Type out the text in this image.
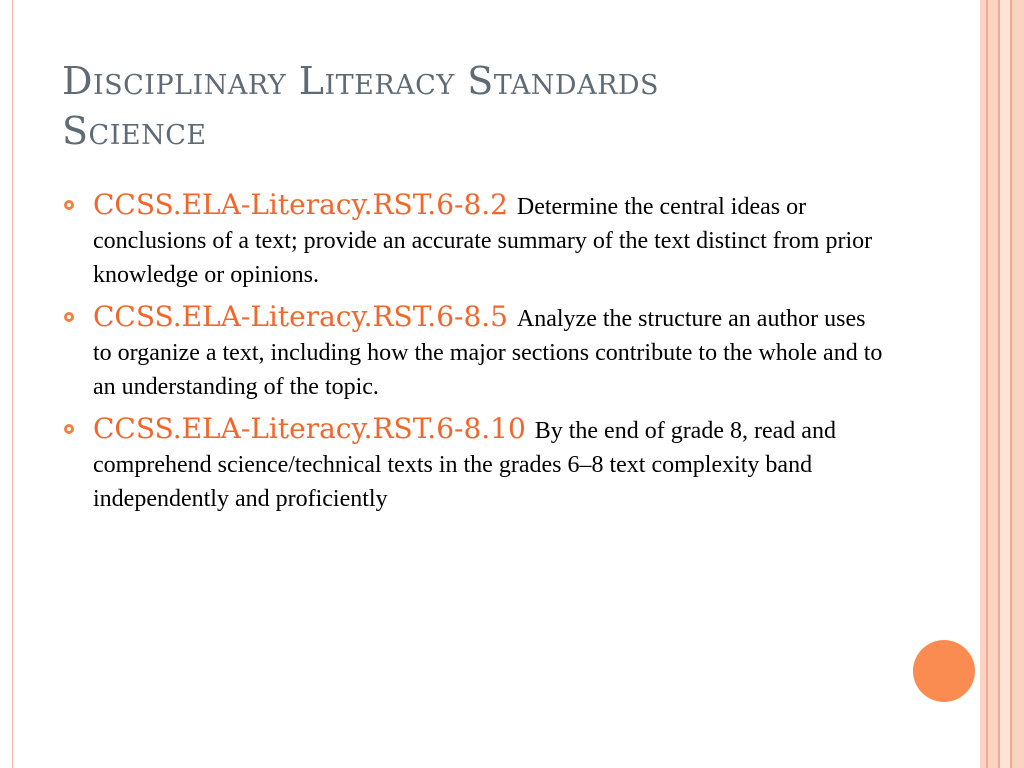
Disciplinary Literacy Standards
Science
CCSS.ELA-Literacy.RST.6-8.2 Determine the central ideas or conclusions of a text; provide an accurate summary of the text distinct from prior knowledge or opinions.
CCSS.ELA-Literacy.RST.6-8.5 Analyze the structure an author uses to organize a text, including how the major sections contribute to the whole and to an understanding of the topic.
CCSS.ELA-Literacy.RST.6-8.10 By the end of grade 8, read and comprehend science/technical texts in the grades 6–8 text complexity band independently and proficiently
